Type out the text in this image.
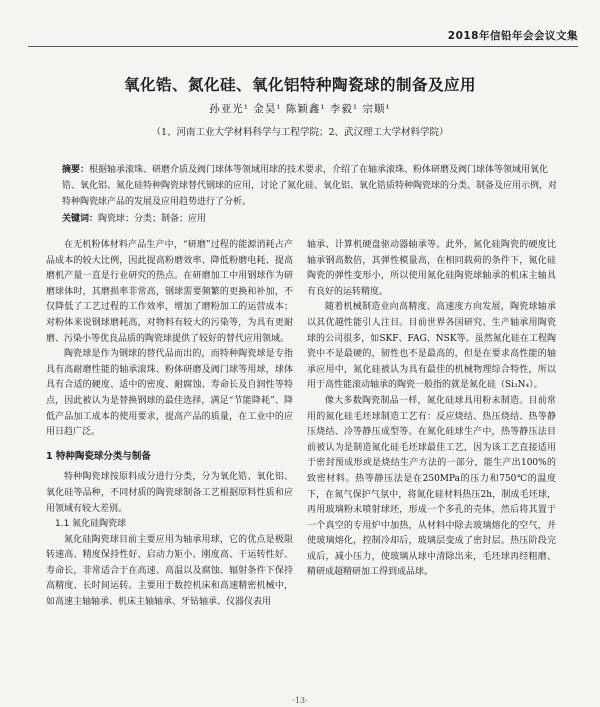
2018年信铅年会会议文集
氧化锆、氮化硅、氧化铝特种陶瓷球的制备及应用
孙亚光¹ 金昊¹ 陈颖鑫¹ 李毅¹ 宗顺¹
（1、河南工业大学材料科学与工程学院；2、武汉理工大学材料学院）
摘要：根据轴承滚珠、研磨介质及阀门球体等领域用球的技术要求，介绍了在轴承滚珠、粉体研磨及阀门球体等领域用氧化锆、氧化铝、氮化硅特种陶瓷球替代钢球的应用，讨论了氮化硅、氧化铝、氧化锆质特种陶瓷球的分类、制备及应用示例，对特种陶瓷球产品的发展及应用趋势进行了分析。
关键词：陶瓷球；分类；制备；应用

在无机粉体材料产品生产中，“研磨”过程的能源消耗占产品成本的较大比例，因此提高粉磨效率、降低粉磨电耗、提高磨机产量一直是行业研究的热点。在研磨加工中用钢球作为研磨球体时，其磨损率非常高，钢球需要频繁的更换和补加，不仅降低了工艺过程的工作效率，增加了磨粉加工的运营成本；对粉体来说钢球磨耗高，对物料有较大的污染等，为具有更耐磨、污染小等优良品质的陶瓷球提供了较好的替代应用领域。

陶瓷球是作为钢球的替代品而出的，而特种陶瓷球是专指具有高耐磨性能的轴承滚珠、粉体研磨及阀门球等用球，球体具有合适的硬度、适中的密度、耐腐蚀、寿命长及自润性等特点，因此被认为是替换钢球的最佳选择，满足“节能降耗”、降低产品加工成本的使用要求，提高产品的质量，在工业中的应用日趋广泛。

1 特种陶瓷球分类与制备

特种陶瓷球按原料成分进行分类，分为氧化锆、氧化铝、氧化硅等品种，不同材质的陶瓷球制备工艺根据原料性质和应用领域有较大差别。

1.1 氮化硅陶瓷球

氮化硅陶瓷球目前主要应用为轴承用球，它的优点是极限转速高、精度保持性好、启动力矩小、刚度高、干运转性好、寿命长，非常适合于在高速、高温以及腐蚀、辐射条件下保持高精度、长时间运转。主要用于数控机床和高速精密机械中，如高速主轴轴承、机床主轴轴承、牙钻轴承、仪器仪表用

轴承、计算机硬盘驱动器轴承等。此外，氮化硅陶瓷的硬度比轴承钢高数倍，其弹性模量高，在相同载荷的条件下，氮化硅陶瓷的弹性变形小，所以使用氮化硅陶瓷球轴承的机床主轴具有良好的运转精度。

随着机械制造业向高精度、高速度方向发展，陶瓷球轴承以其优越性能引人注目。目前世界各国研究、生产轴承用陶瓷球的公司很多，如SKF、FAG、NSK等。虽然氮化硅在工程陶瓷中不是最硬的，韧性也不是最高的，但是在要求高性能的轴承应用中，氮化硅被认为具有最佳的机械物理综合特性，所以用于高性能滚动轴承的陶瓷一般指的就是氮化硅（Si₃N₄）。

像大多数陶瓷制品一样，氮化硅球具用粉末制造。目前常用的氮化硅毛坯球制造工艺有：反应烧结、热压烧结、热等静压烧结、冷等静压成型等。在氮化硅球生产中，热等静压法目前被认为是制造氮化硅毛坯球最佳工艺，因为该工艺直接适用于密封预成形或是烧结生产方法的一部分，能生产出100%的致密材料。热等静压法是在250MPa的压力和750℃的温度下，在氮气保护气氛中，将氮化硅材料热压2h，制成毛坯球，再用玻璃粉末喷射球坯，形成一个多孔的壳体，然后将其置于一个真空的专用炉中加热，从材料中除去玻璃熔化的空气，并使玻璃熔化，控制冷却后，玻璃层变成了密封层。热压阶段完成后，减小压力，使玻璃从球中清除出来，毛坯球再经粗磨、精研成超精研加工得到成品球。

·13·
